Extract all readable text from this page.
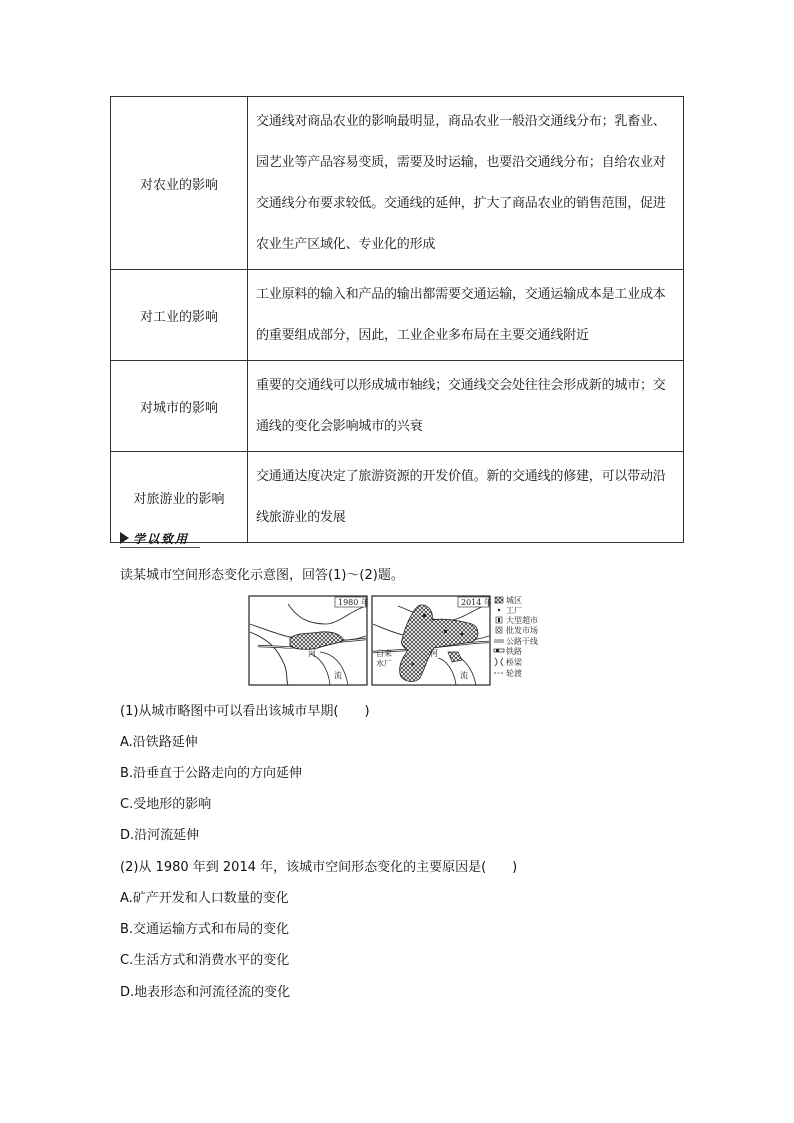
对农业的影响	交通线对商品农业的影响最明显，商品农业一般沿交通线分布；乳畜业、园艺业等产品容易变质，需要及时运输，也要沿交通线分布；自给农业对交通线分布要求较低。交通线的延伸，扩大了商品农业的销售范围，促进农业生产区域化、专业化的形成
对工业的影响	工业原料的输入和产品的输出都需要交通运输，交通运输成本是工业成本的重要组成部分，因此，工业企业多布局在主要交通线附近
对城市的影响	重要的交通线可以形成城市轴线；交通线交会处往往会形成新的城市；交通线的变化会影响城市的兴衰
对旅游业的影响	交通通达度决定了旅游资源的开发价值。新的交通线的修建，可以带动沿线旅游业的发展
学以致用
读某城市空间形态变化示意图，回答(1)～(2)题。
1980 年
河
流
2014 年
河
流
自来
水厂
城区
工厂
大型超市
批发市场
公路干线
铁路
桥梁
轮渡
(1)从城市略图中可以看出该城市早期(　　)
A.沿铁路延伸
B.沿垂直于公路走向的方向延伸
C.受地形的影响
D.沿河流延伸
(2)从 1980 年到 2014 年，该城市空间形态变化的主要原因是(　　)
A.矿产开发和人口数量的变化
B.交通运输方式和布局的变化
C.生活方式和消费水平的变化
D.地表形态和河流径流的变化
